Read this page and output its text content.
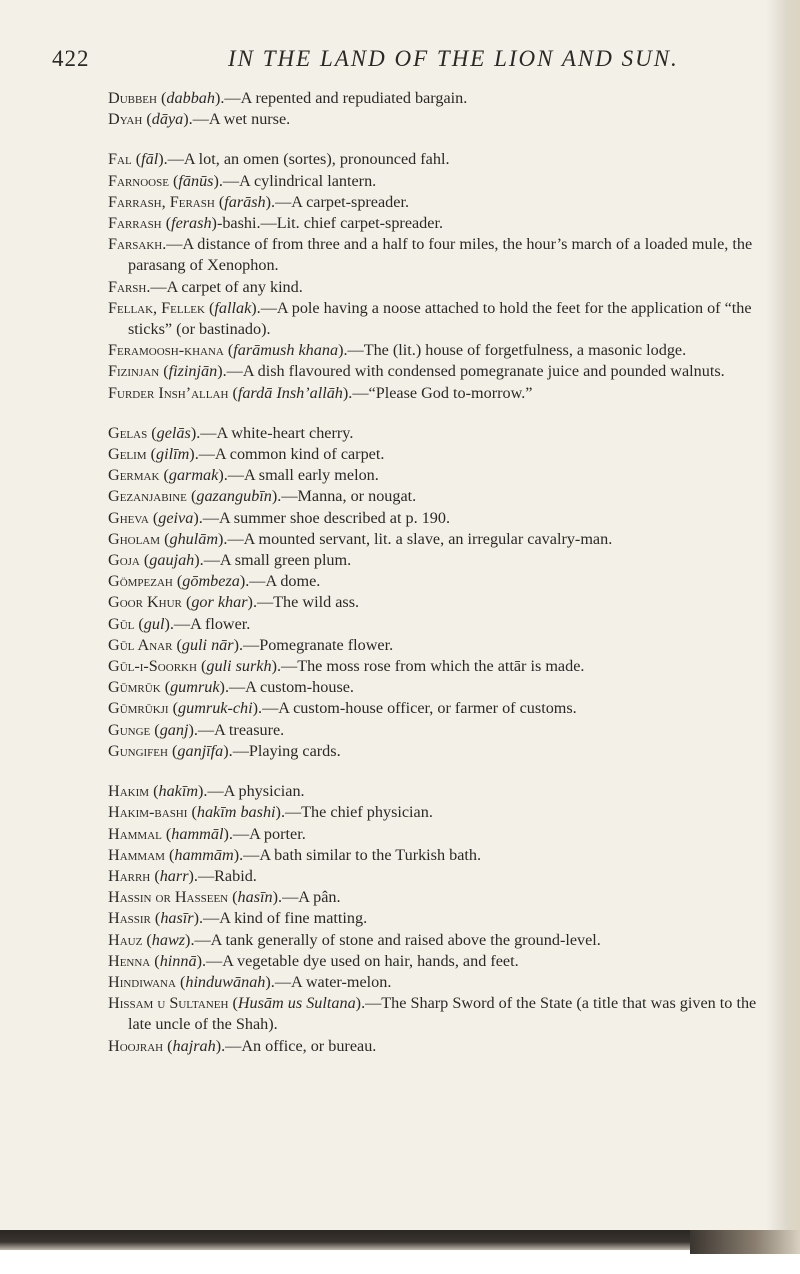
422	IN THE LAND OF THE LION AND SUN.
Dubbeh (dabbah).—A repented and repudiated bargain.
Dyah (dāya).—A wet nurse.
Fal (fāl).—A lot, an omen (sortes), pronounced fahl.
Farnoose (fānūs).—A cylindrical lantern.
Farrash, Ferash (farāsh).—A carpet-spreader.
Farrash (ferash)-bashi.—Lit. chief carpet-spreader.
Farsakh.—A distance of from three and a half to four miles, the hour’s march of a loaded mule, the parasang of Xenophon.
Farsh.—A carpet of any kind.
Fellak, Fellek (fallak).—A pole having a noose attached to hold the feet for the application of “the sticks” (or bastinado).
Feramoosh-khana (farāmush khana).—The (lit.) house of forgetfulness, a masonic lodge.
Fizinjan (fizinjān).—A dish flavoured with condensed pomegranate juice and pounded walnuts.
Furder Insh’allah (fardā Insh’allāh).—“Please God to-morrow.”
Gelas (gelās).—A white-heart cherry.
Gelim (gilīm).—A common kind of carpet.
Germak (garmak).—A small early melon.
Gezanjabine (gazangubīn).—Manna, or nougat.
Gheva (geiva).—A summer shoe described at p. 190.
Gholam (ghulām).—A mounted servant, lit. a slave, an irregular cavalry-man.
Goja (gaujah).—A small green plum.
Gömpezah (gōmbeza).—A dome.
Goor Khur (gor khar).—The wild ass.
Gūl (gul).—A flower.
Gūl Anar (guli nār).—Pomegranate flower.
Gūl-i-Soorkh (guli surkh).—The moss rose from which the attār is made.
Gūmrūk (gumruk).—A custom-house.
Gūmrūkji (gumruk-chi).—A custom-house officer, or farmer of customs.
Gunge (ganj).—A treasure.
Gungifeh (ganjīfa).—Playing cards.
Hakim (hakīm).—A physician.
Hakim-bashi (hakīm bashi).—The chief physician.
Hammal (hammāl).—A porter.
Hammam (hammām).—A bath similar to the Turkish bath.
Harrh (harr).—Rabid.
Hassin or Hasseen (hasīn).—A pân.
Hassir (hasīr).—A kind of fine matting.
Hauz (hawz).—A tank generally of stone and raised above the ground-level.
Henna (hinnā).—A vegetable dye used on hair, hands, and feet.
Hindiwana (hinduwānah).—A water-melon.
Hissam u Sultaneh (Husām us Sultana).—The Sharp Sword of the State (a title that was given to the late uncle of the Shah).
Hoojrah (hajrah).—An office, or bureau.
